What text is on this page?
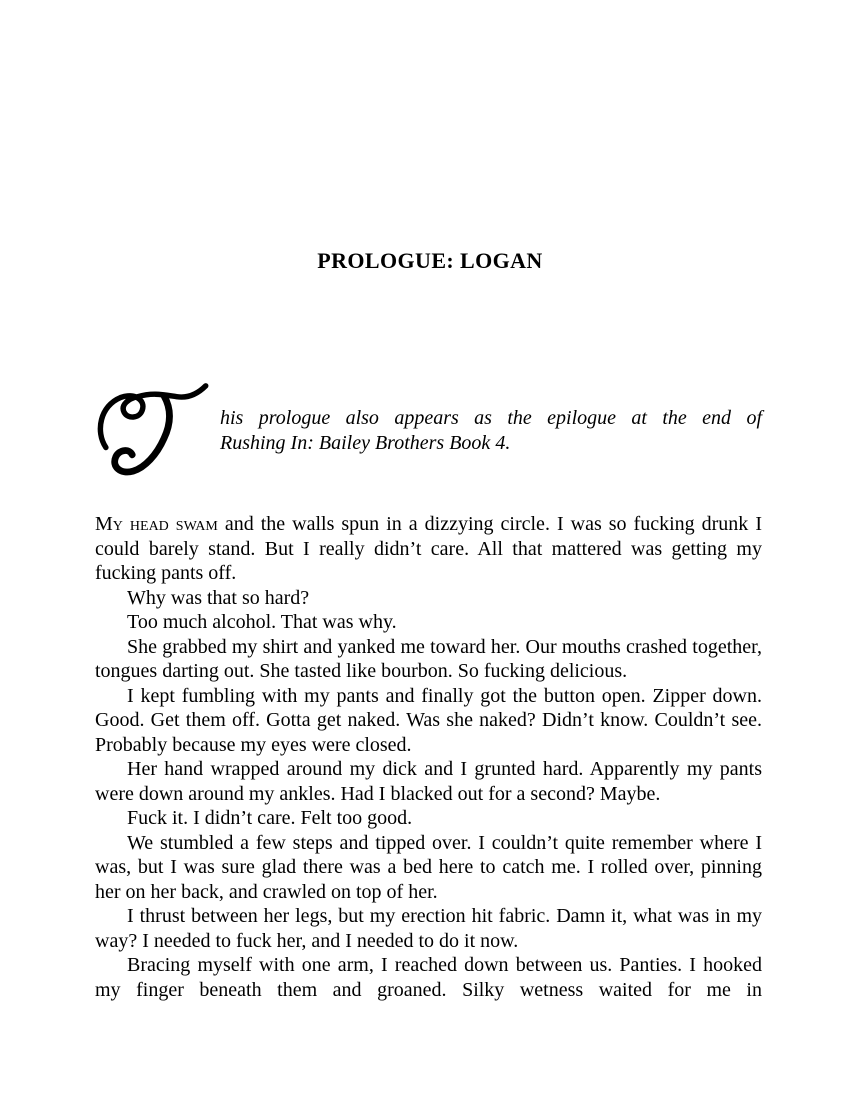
PROLOGUE: LOGAN
his prologue also appears as the epilogue at the end of
Rushing In: Bailey Brothers Book 4.

My head swam and the walls spun in a dizzying circle. I was so fucking drunk I could barely stand. But I really didn’t care. All that mattered was getting my fucking pants off.

Why was that so hard?

Too much alcohol. That was why.

She grabbed my shirt and yanked me toward her. Our mouths crashed together, tongues darting out. She tasted like bourbon. So fucking delicious.

I kept fumbling with my pants and finally got the button open. Zipper down. Good. Get them off. Gotta get naked. Was she naked? Didn’t know. Couldn’t see. Probably because my eyes were closed.

Her hand wrapped around my dick and I grunted hard. Apparently my pants were down around my ankles. Had I blacked out for a second? Maybe.

Fuck it. I didn’t care. Felt too good.

We stumbled a few steps and tipped over. I couldn’t quite remember where I was, but I was sure glad there was a bed here to catch me. I rolled over, pinning her on her back, and crawled on top of her.

I thrust between her legs, but my erection hit fabric. Damn it, what was in my way? I needed to fuck her, and I needed to do it now.

Bracing myself with one arm, I reached down between us. Panties. I hooked my finger beneath them and groaned. Silky wetness waited for me in
